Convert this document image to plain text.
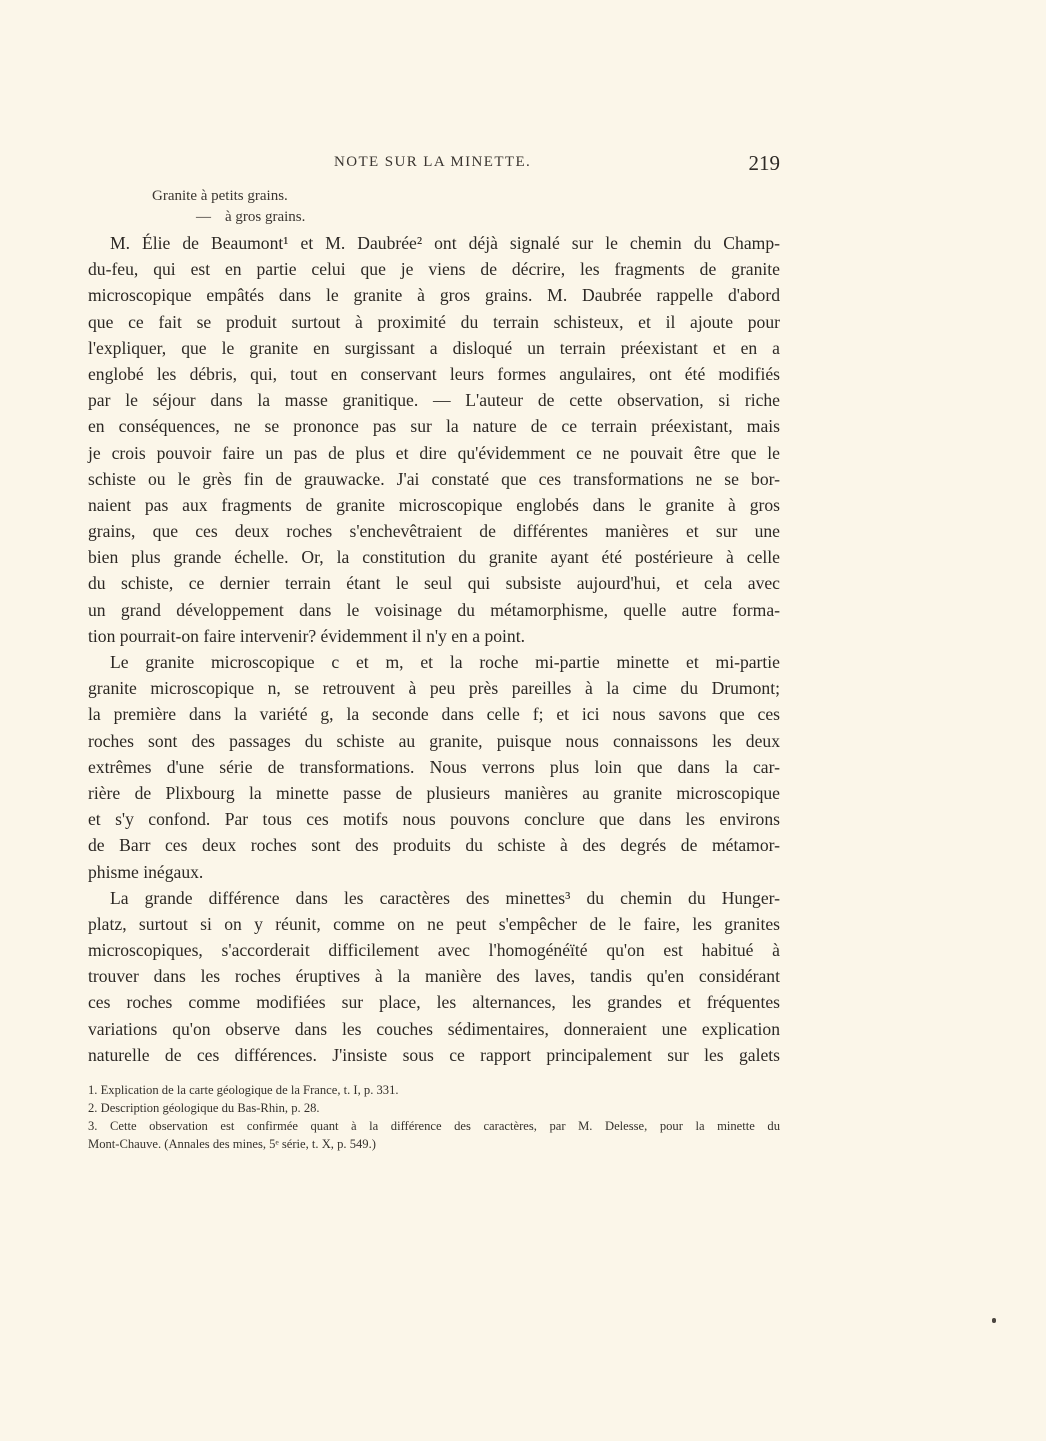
NOTE SUR LA MINETTE.	219
Granite à petits grains.
— à gros grains.
M. Élie de Beaumont¹ et M. Daubrée² ont déjà signalé sur le chemin du Champ-
du-feu, qui est en partie celui que je viens de décrire, les fragments de granite
microscopique empâtés dans le granite à gros grains. M. Daubrée rappelle d'abord
que ce fait se produit surtout à proximité du terrain schisteux, et il ajoute pour
l'expliquer, que le granite en surgissant a disloqué un terrain préexistant et en a
englobé les débris, qui, tout en conservant leurs formes angulaires, ont été modifiés
par le séjour dans la masse granitique. — L'auteur de cette observation, si riche
en conséquences, ne se prononce pas sur la nature de ce terrain préexistant, mais
je crois pouvoir faire un pas de plus et dire qu'évidemment ce ne pouvait être que le
schiste ou le grès fin de grauwacke. J'ai constaté que ces transformations ne se bor-
naient pas aux fragments de granite microscopique englobés dans le granite à gros
grains, que ces deux roches s'enchevêtraient de différentes manières et sur une
bien plus grande échelle. Or, la constitution du granite ayant été postérieure à celle
du schiste, ce dernier terrain étant le seul qui subsiste aujourd'hui, et cela avec
un grand développement dans le voisinage du métamorphisme, quelle autre forma-
tion pourrait-on faire intervenir? évidemment il n'y en a point.
Le granite microscopique c et m, et la roche mi-partie minette et mi-partie
granite microscopique n, se retrouvent à peu près pareilles à la cime du Drumont;
la première dans la variété g, la seconde dans celle f; et ici nous savons que ces
roches sont des passages du schiste au granite, puisque nous connaissons les deux
extrêmes d'une série de transformations. Nous verrons plus loin que dans la car-
rière de Plixbourg la minette passe de plusieurs manières au granite microscopique
et s'y confond. Par tous ces motifs nous pouvons conclure que dans les environs
de Barr ces deux roches sont des produits du schiste à des degrés de métamor-
phisme inégaux.
La grande différence dans les caractères des minettes³ du chemin du Hunger-
platz, surtout si on y réunit, comme on ne peut s'empêcher de le faire, les granites
microscopiques, s'accorderait difficilement avec l'homogénéïté qu'on est habitué à
trouver dans les roches éruptives à la manière des laves, tandis qu'en considérant
ces roches comme modifiées sur place, les alternances, les grandes et fréquentes
variations qu'on observe dans les couches sédimentaires, donneraient une explication
naturelle de ces différences. J'insiste sous ce rapport principalement sur les galets
1. Explication de la carte géologique de la France, t. I, p. 331.
2. Description géologique du Bas-Rhin, p. 28.
3. Cette observation est confirmée quant à la différence des caractères, par M. Delesse, pour la minette du
Mont-Chauve. (Annales des mines, 5ᵉ série, t. X, p. 549.)
